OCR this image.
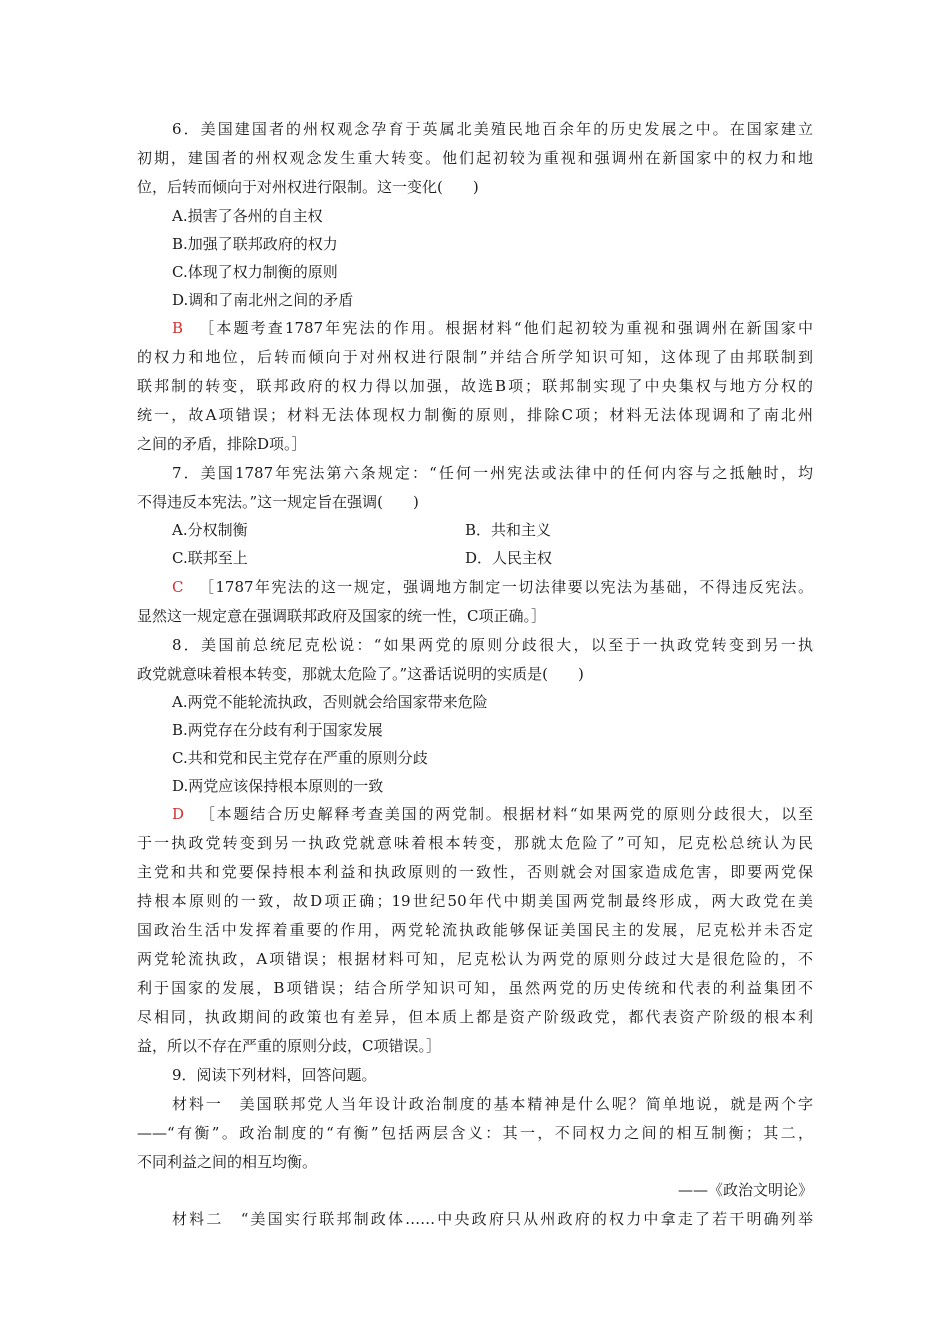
6．美国建国者的州权观念孕育于英属北美殖民地百余年的历史发展之中。在国家建立
初期，建国者的州权观念发生重大转变。他们起初较为重视和强调州在新国家中的权力和地
位，后转而倾向于对州权进行限制。这一变化(　　)
A.损害了各州的自主权
B.加强了联邦政府的权力
C.体现了权力制衡的原则
D.调和了南北州之间的矛盾
B ［本题考查1787年宪法的作用。根据材料“他们起初较为重视和强调州在新国家中
的权力和地位，后转而倾向于对州权进行限制”并结合所学知识可知，这体现了由邦联制到
联邦制的转变，联邦政府的权力得以加强，故选B项；联邦制实现了中央集权与地方分权的
统一，故A项错误；材料无法体现权力制衡的原则，排除C项；材料无法体现调和了南北州
之间的矛盾，排除D项。］
7．美国1787年宪法第六条规定：“任何一州宪法或法律中的任何内容与之抵触时，均
不得违反本宪法。”这一规定旨在强调(　　)
A.分权制衡	B．共和主义
C.联邦至上	D．人民主权
C ［1787年宪法的这一规定，强调地方制定一切法律要以宪法为基础，不得违反宪法。
显然这一规定意在强调联邦政府及国家的统一性，C项正确。］
8．美国前总统尼克松说：“如果两党的原则分歧很大，以至于一执政党转变到另一执
政党就意味着根本转变，那就太危险了。”这番话说明的实质是(　　)
A.两党不能轮流执政，否则就会给国家带来危险
B.两党存在分歧有利于国家发展
C.共和党和民主党存在严重的原则分歧
D.两党应该保持根本原则的一致
D ［本题结合历史解释考查美国的两党制。根据材料“如果两党的原则分歧很大，以至
于一执政党转变到另一执政党就意味着根本转变，那就太危险了”可知，尼克松总统认为民
主党和共和党要保持根本利益和执政原则的一致性，否则就会对国家造成危害，即要两党保
持根本原则的一致，故D项正确；19世纪50年代中期美国两党制最终形成，两大政党在美
国政治生活中发挥着重要的作用，两党轮流执政能够保证美国民主的发展，尼克松并未否定
两党轮流执政，A项错误；根据材料可知，尼克松认为两党的原则分歧过大是很危险的，不
利于国家的发展，B项错误；结合所学知识可知，虽然两党的历史传统和代表的利益集团不
尽相同，执政期间的政策也有差异，但本质上都是资产阶级政党，都代表资产阶级的根本利
益，所以不存在严重的原则分歧，C项错误。］
9．阅读下列材料，回答问题。
材料一　美国联邦党人当年设计政治制度的基本精神是什么呢？简单地说，就是两个字
——“有衡”。政治制度的“有衡”包括两层含义：其一，不同权力之间的相互制衡；其二，
不同利益之间的相互均衡。
——《政治文明论》
材料二　“美国实行联邦制政体……中央政府只从州政府的权力中拿走了若干明确列举
